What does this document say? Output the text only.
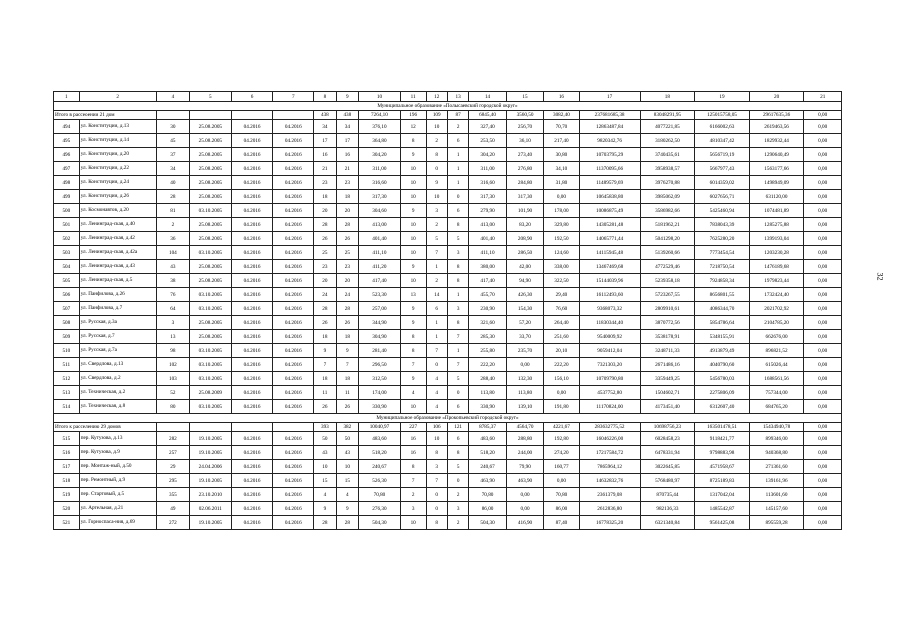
32
1	2	4	5	6	7	8	9	10	11	12	13	14	15	16	17	18	19	20	21
Муниципальное образование «Полысаевский городской округ»																			
Итого в рассеоении 21 дом						438	438	7264,10	196	109	87	6845,40	3560,50	3082,40	237681685,38	83048291,95	125015758,05	29617635,36	0,00
494	ул. Конституции, д.13	30	25.08.2005	04.2016	04.2016	34	34	376,10	12	10	2	327,40	256,70	70,70	12863487,84	4077221,85	6166002,63	2619463,56	0,00
495	ул. Конституции, д.14	45	25.08.2005	04.2016	04.2016	17	17	364,80	8	2	6	253,50	36,10	217,40	9820342,76	3180262,50	4810347,42	1829932,44	0,00
496	ул. Конституции, д.20	37	25.08.2005	04.2016	04.2016	16	16	304,20	9	8	1	304,20	273,40	30,80	10703795,29	3740435,61	5656719,19	1290640,49	0,00
497	ул. Конституции, д.22	34	25.08.2005	04.2016	04.2016	21	21	311,00	10	0	1	311,00	276,80	34,10	11370095,66	3958938,57	5667977,43	1563177,66	0,00
498	ул. Конституции, д.24	40	25.08.2005	04.2016	04.2016	23	23	316,60	10	9	1	316,60	284,80	31,80	11489579,69	3976270,88	6014359,02	1498949,09	0,00
499	ул. Конституции, д.26	28	25.08.2005	04.2016	04.2016	18	18	317,30	10	10	0	317,30	317,30	0,00	10645838,80	3985062,09	6027656,71	631120,00	0,00
500	ул. Космонавтов, д.20	81	03.10.2005	04.2016	04.2016	20	20	304,60	9	3	6	279,90	101,90	178,00	10086875,49	3586982,66	5425460,94	1074481,89	0,00
501	ул. Ленинград-ская, д.40	2	25.08.2005	04.2016	04.2016	28	28	413,00	10	2	8	413,00	83,20	329,80	14305281,48	5181962,21	7838043,39	1285275,88	0,00
502	ул. Ленинград-ская, д.42	36	25.08.2005	04.2016	04.2016	26	26	401,40	10	5	5	401,40	208,90	192,50	14065771,44	5041298,20	7625280,20	1399193,04	0,00
503	ул. Ленинград-ская, д.42а	104	03.10.2005	04.2016	04.2016	25	25	411,10	10	7	3	411,10	286,50	124,60	14115945,48	5139260,66	7773454,54	1203230,28	0,00
504	ул. Ленинград-ская, д.43	43	25.08.2005	04.2016	04.2016	23	23	411,20	9	1	8	380,00	42,00	338,00	13467469,68	4772529,46	7218750,54	1476189,68	0,00
505	ул. Ленинград-ская, д.5	38	25.08.2005	04.2016	04.2016	20	20	417,40	10	2	8	417,40	94,90	322,50	15144039,96	5239358,18	7924858,34	1979823,44	0,00
506	ул. Панфилова, д.26	76	03.10.2005	04.2016	04.2016	24	24	523,30	13	14	1	455,70	426,30	29,40	16112493,60	5723267,55	8656801,55	1732424,40	0,00
507	ул. Панфилова, д.7	64	03.10.2005	04.2016	04.2016	28	28	257,00	9	6	3	230,90	154,30	76,60	9368073,32	2809910,61	4086344,70	2021702,92	0,00
508	ул. Русская, д.3а	3	25.08.2005	04.2016	04.2016	26	26	344,90	9	1	8	321,60	57,20	264,40	11830344,40	3870772,56	5854786,64	2104785,20	0,00
509	ул. Русская, д.7	13	25.08.2005	04.2016	04.2016	18	18	304,90	8	1	7	285,30	33,70	251,60	9540009,92	3538178,91	5348155,91	662676,00	0,00
510	ул. Русская, д.7а	98	03.10.2005	04.2016	04.2016	9	9	281,40	8	7	1	255,80	235,70	20,10	9059412,04	3248711,33	4913879,49	896821,52	0,00
511	ул. Свердлова, д.13	102	03.10.2005	04.2016	04.2016	7	7	296,50	7	0	7	222,20	0,00	222,20	7321303,20	2671486,16	4040790,60	615026,44	0,00
512	ул. Свердлова, д.2	103	03.10.2005	04.2016	04.2016	18	18	312,50	9	4	5	288,40	132,30	156,10	10709790,80	3359449,25	5456780,03	1688561,56	0,00
513	ул. Техническая, д.2	52	25.08.2009	04.2016	04.2016	11	11	174,00	4	4	0	113,80	113,80	0,00	4537752,80	1504602,71	2275806,09	757344,00	0,00
514	ул. Техническая, д.8	80	03.10.2005	04.2016	04.2016	26	26	330,90	10	4	6	330,90	139,10	191,80	11170824,00	4173451,40	6312607,40	684765,20	0,00
Муниципальное образование «Прокопьевский городской округ»																			
Итого к расселению 29 домов						393	382	10040,97	227	106	121	8785,37	4564,70	4221,67	283632775,52	10698756,23	163501478,51	15434940,78	0,00
515	пер. Кутузова, д.13	282	19.10.2005	04.2016	04.2016	50	50	483,60	16	10	6	483,60	288,80	192,80	16046226,00	6028458,23	9118421,77	899346,00	0,00
516	пер. Кутузова, д.9	257	19.10.2005	04.2016	04.2016	43	43	518,20	16	8	8	518,20	244,00	274,20	17217584,72	6478331,94	9798883,98	940368,80	0,00
517	пер. Монтаж-ный, д.50	29	24.04.2006	04.2016	04.2016	10	10	240,67	8	3	5	240,67	79,90	160,77	7865964,12	3022645,85	4571958,67	271361,60	0,00
518	пер. Ремонтный, д.9	295	19.10.2005	04.2016	04.2016	15	15	526,30	7	7	0	463,90	463,90	0,00	14632832,76	5768480,97	8725189,83	139161,96	0,00
519	пер. Стартовый, д.5	355	23.10.2010	04.2016	04.2016	4	4	70,80	2	0	2	70,80	0,00	70,80	2361379,08	870735,44	1317042,04	113601,60	0,00
520	ул. Артельная, д.21	49	02.06.2011	04.2016	04.2016	9	9	276,30	3	0	3	86,00	0,00	86,00	2612836,80	982136,33	1485542,87	145157,60	0,00
521	ул. Горноспаса-ния, д.69	272	19.10.2005	04.2016	04.2016	28	28	504,30	10	8	2	504,30	416,90	87,40	16778325,20	6321340,84	9561425,08	895559,28	0,00
